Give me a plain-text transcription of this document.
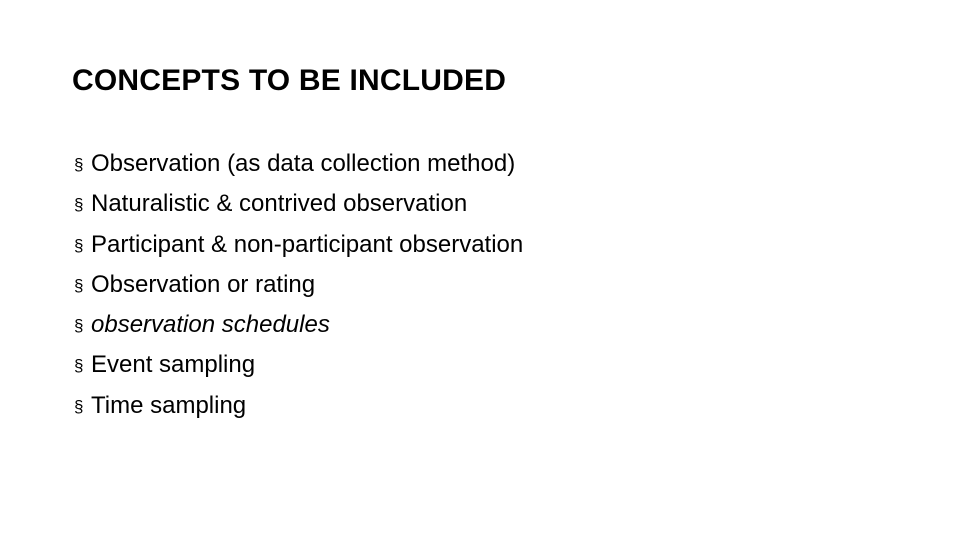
CONCEPTS TO BE INCLUDED
§ Observation (as data collection method)
§ Naturalistic & contrived observation
§ Participant & non-participant observation
§ Observation or rating
§ observation schedules
§ Event sampling
§ Time sampling
